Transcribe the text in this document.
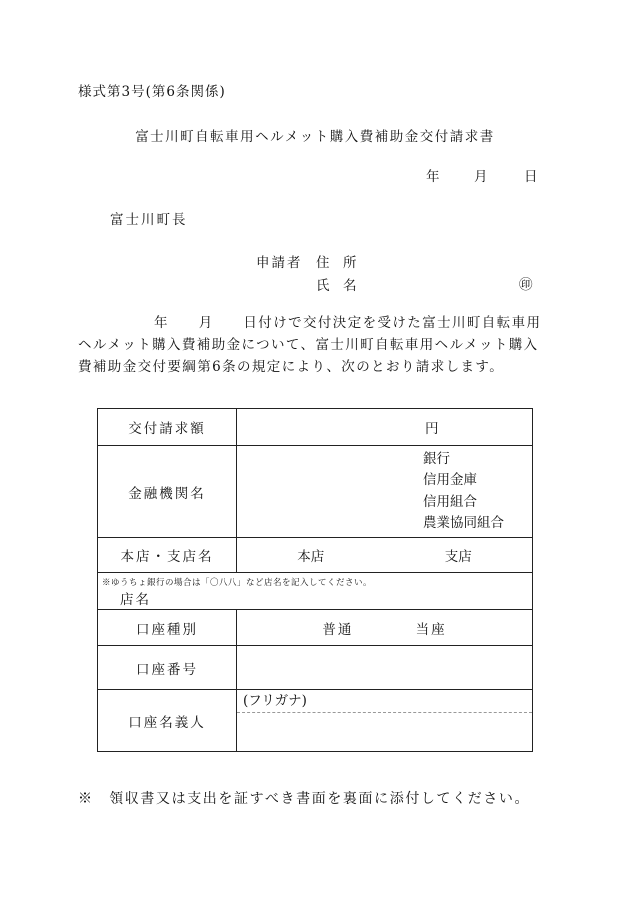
様式第3号(第6条関係)
富士川町自転車用ヘルメット購入費補助金交付請求書
年	月	日
富士川町長
申請者 住　所
氏　名	㊞
年　　月　　日付けで交付決定を受けた富士川町自転車用
ヘルメット購入費補助金について、富士川町自転車用ヘルメット購入
費補助金交付要綱第6条の規定により、次のとおり請求します。
交付請求額	円
金融機関名	銀行
信用金庫
信用組合
農業協同組合

本店・支店名	本店 支店

※ゆうちょ銀行の場合は「〇八八」など店名を記入してください。
店名	

口座種別	普通 当座
口座番号	
口座名義人	(フリガナ)
※　領収書又は支出を証すべき書面を裏面に添付してください。
